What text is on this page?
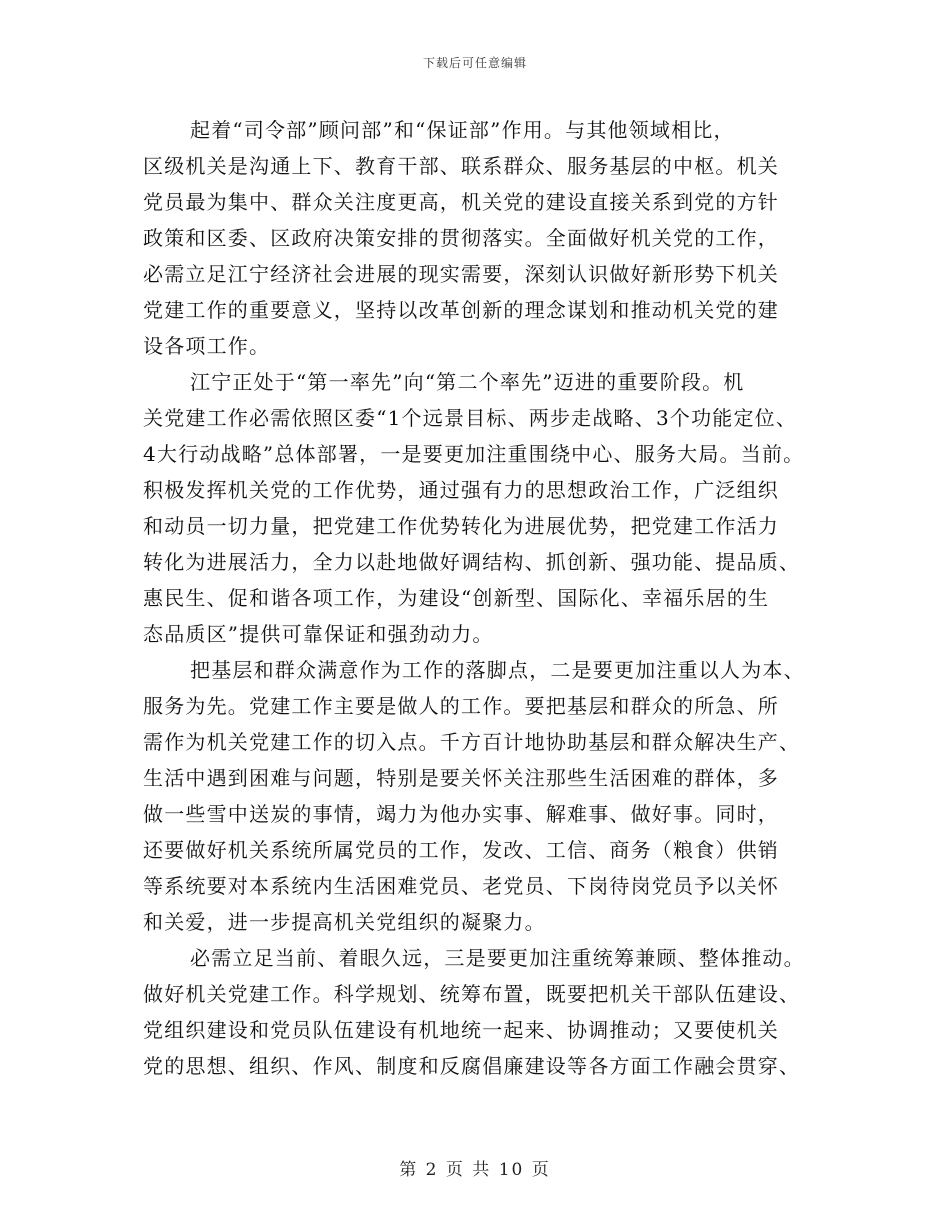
下载后可任意编辑
起着“司令部”顾问部”和“保证部”作用。与其他领域相比，
区级机关是沟通上下、教育干部、联系群众、服务基层的中枢。机关
党员最为集中、群众关注度更高，机关党的建设直接关系到党的方针
政策和区委、区政府决策安排的贯彻落实。全面做好机关党的工作，
必需立足江宁经济社会进展的现实需要，深刻认识做好新形势下机关
党建工作的重要意义，坚持以改革创新的理念谋划和推动机关党的建
设各项工作。
江宁正处于“第一率先”向“第二个率先”迈进的重要阶段。机
关党建工作必需依照区委“1个远景目标、两步走战略、3个功能定位、
4大行动战略”总体部署，一是要更加注重围绕中心、服务大局。当前。
积极发挥机关党的工作优势，通过强有力的思想政治工作，广泛组织
和动员一切力量，把党建工作优势转化为进展优势，把党建工作活力
转化为进展活力，全力以赴地做好调结构、抓创新、强功能、提品质、
惠民生、促和谐各项工作，为建设“创新型、国际化、幸福乐居的生
态品质区”提供可靠保证和强劲动力。
把基层和群众满意作为工作的落脚点，二是要更加注重以人为本、
服务为先。党建工作主要是做人的工作。要把基层和群众的所急、所
需作为机关党建工作的切入点。千方百计地协助基层和群众解决生产、
生活中遇到困难与问题，特别是要关怀关注那些生活困难的群体，多
做一些雪中送炭的事情，竭力为他办实事、解难事、做好事。同时，
还要做好机关系统所属党员的工作，发改、工信、商务（粮食）供销
等系统要对本系统内生活困难党员、老党员、下岗待岗党员予以关怀
和关爱，进一步提高机关党组织的凝聚力。
必需立足当前、着眼久远，三是要更加注重统筹兼顾、整体推动。
做好机关党建工作。科学规划、统筹布置，既要把机关干部队伍建设、
党组织建设和党员队伍建设有机地统一起来、协调推动；又要使机关
党的思想、组织、作风、制度和反腐倡廉建设等各方面工作融会贯穿、
第 2 页 共 10 页
